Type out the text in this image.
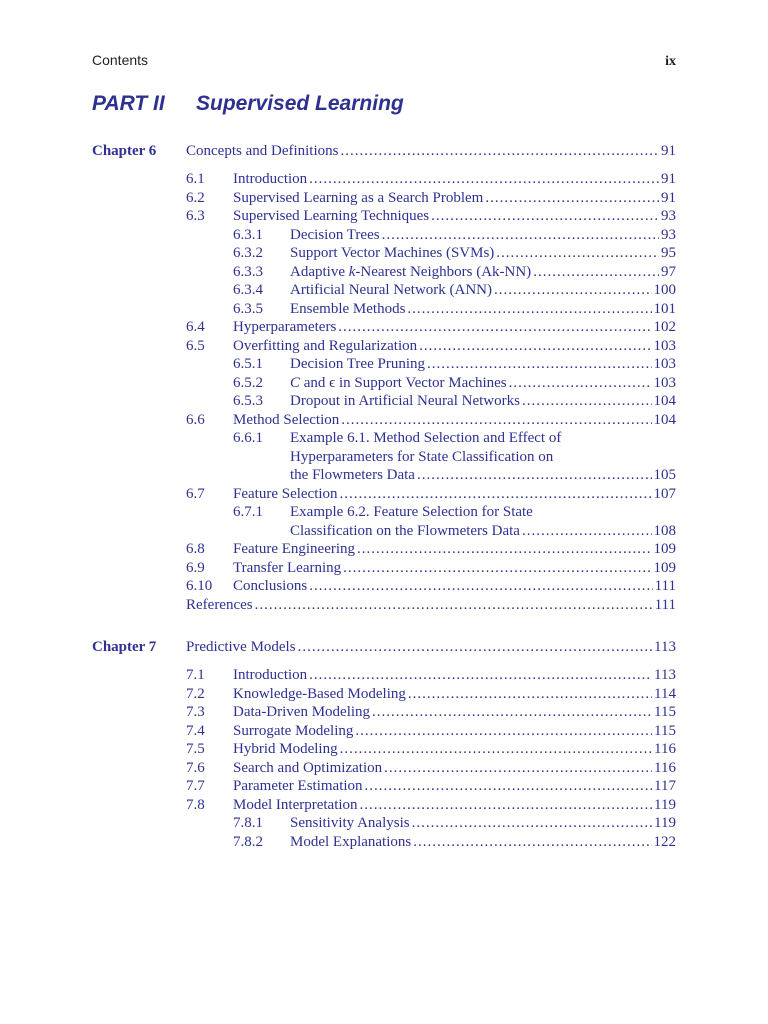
Contents	ix
PART II Supervised Learning
Chapter 6	Concepts and Definitions .....	91
6.1	Introduction .....	91
6.2	Supervised Learning as a Search Problem .....	91
6.3	Supervised Learning Techniques .....	93
6.3.1	Decision Trees .....	93
6.3.2	Support Vector Machines (SVMs) .....	95
6.3.3	Adaptive k-Nearest Neighbors (Ak-NN) .....	97
6.3.4	Artificial Neural Network (ANN) .....	100
6.3.5	Ensemble Methods .....	101
6.4	Hyperparameters .....	102
6.5	Overfitting and Regularization .....	103
6.5.1	Decision Tree Pruning .....	103
6.5.2	C and ϵ in Support Vector Machines .....	103
6.5.3	Dropout in Artificial Neural Networks .....	104
6.6	Method Selection .....	104
6.6.1	Example 6.1. Method Selection and Effect of
Hyperparameters for State Classification on
the Flowmeters Data .....	105
6.7	Feature Selection .....	107
6.7.1	Example 6.2. Feature Selection for State
Classification on the Flowmeters Data .....	108
6.8	Feature Engineering .....	109
6.9	Transfer Learning .....	109
6.10	Conclusions .....	111
References .....	111
Chapter 7	Predictive Models .....	113
7.1	Introduction .....	113
7.2	Knowledge-Based Modeling .....	114
7.3	Data-Driven Modeling .....	115
7.4	Surrogate Modeling .....	115
7.5	Hybrid Modeling .....	116
7.6	Search and Optimization .....	116
7.7	Parameter Estimation .....	117
7.8	Model Interpretation .....	119
7.8.1	Sensitivity Analysis .....	119
7.8.2	Model Explanations .....	122
